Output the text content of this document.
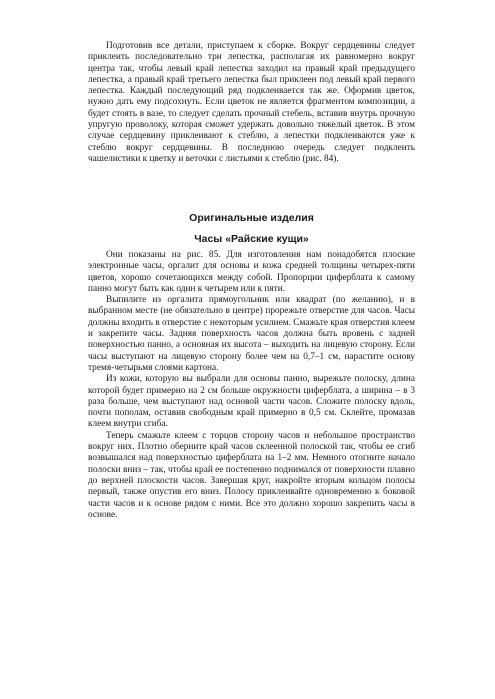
Подготовив все детали, приступаем к сборке. Вокруг сердцевины следует приклеить последовательно три лепестка, располагая их равномерно вокруг центра так, чтобы левый край лепестка заходил на правый край предыдущего лепестка, а правый край третьего лепестка был приклеен под левый край первого лепестка. Каждый последующий ряд подклеивается так же. Оформив цветок, нужно дать ему подсохнуть. Если цветок не является фрагментом композиции, а будет стоять в вазе, то следует сделать прочный стебель, вставив внутрь прочную упругую проволоку, которая сможет удержать довольно тяжелый цветок. В этом случае сердцевину приклеивают к стеблю, а лепестки подклеиваются уже к стеблю вокруг сердцевины. В последнюю очередь следует подклеить чашелистики к цветку и веточки с листьями к стеблю (рис. 84).

Оригинальные изделия
Часы «Райские кущи»

Они показаны на рис. 85. Для изготовления нам понадобятся плоские электронные часы, оргалит для основы и кожа средней толщины четырех-пяти цветов, хорошо сочетающихся между собой. Пропорции циферблата к самому панно могут быть как один к четырем или к пяти.

Выпилите из оргалита прямоугольник или квадрат (по желанию), и в выбранном месте (не обязательно в центре) прорежьте отверстие для часов. Часы должны входить в отверстие с некоторым усилием. Смажьте края отверстия клеем и закрепите часы. Задняя поверхность часов должна быть вровень с задней поверхностью панно, а основная их высота – выходить на лицевую сторону. Если часы выступают на лицевую сторону более чем на 0,7–1 см, нарастите основу тремя-четырьмя слоями картона.

Из кожи, которую вы выбрали для основы панно, вырежьте полоску, длина которой будет примерно на 2 см больше окружности циферблата, а ширина – в 3 раза больше, чем выступают над основой части часов. Сложите полоску вдоль, почти пополам, оставив свободным край примерно в 0,5 см. Склейте, промазав клеем внутри сгиба.

Теперь смажьте клеем с торцов сторону часов и небольшое пространство вокруг них. Плотно оберните край часов склеенной полоской так, чтобы ее сгиб возвышался над поверхностью циферблата на 1–2 мм. Немного отогните начало полоски вниз – так, чтобы край ее постепенно поднимался от поверхности плавно до верхней плоскости часов. Завершая круг, накройте вторым кольцом полосы первый, также опустив его вниз. Полосу приклеивайте одновременно к боковой части часов и к основе рядом с ними. Все это должно хорошо закрепить часы в основе.
